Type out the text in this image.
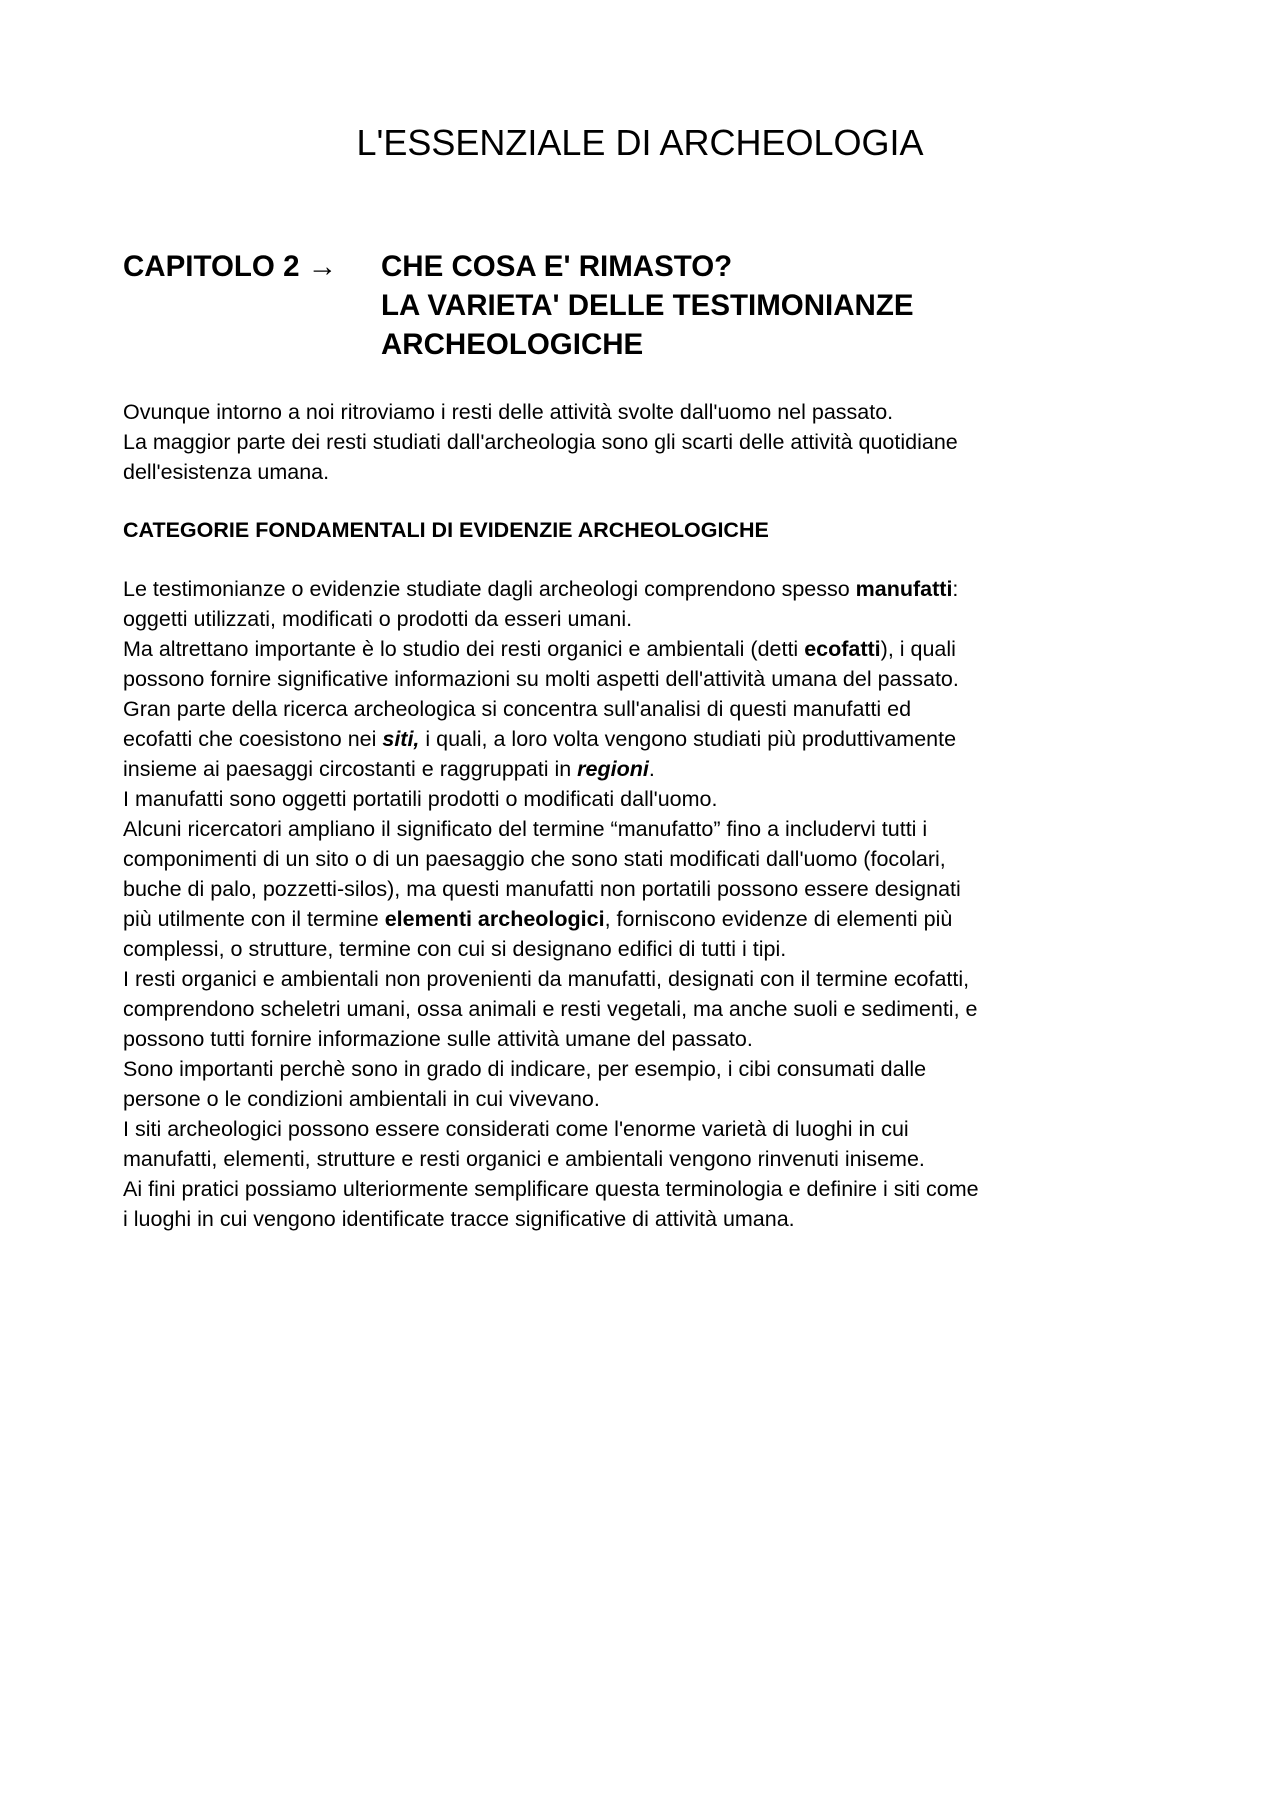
L'ESSENZIALE DI ARCHEOLOGIA
CAPITOLO 2 →	CHE COSA E' RIMASTO?
LA VARIETA' DELLE TESTIMONIANZE
ARCHEOLOGICHE
Ovunque intorno a noi ritroviamo i resti delle attività svolte dall'uomo nel passato.
La maggior parte dei resti studiati dall'archeologia sono gli scarti delle attività quotidiane
dell'esistenza umana.
CATEGORIE FONDAMENTALI DI EVIDENZIE ARCHEOLOGICHE
Le testimonianze o evidenzie studiate dagli archeologi comprendono spesso manufatti:
oggetti utilizzati, modificati o prodotti da esseri umani.
Ma altrettano importante è lo studio dei resti organici e ambientali (detti ecofatti), i quali
possono fornire significative informazioni su molti aspetti dell'attività umana del passato.
Gran parte della ricerca archeologica si concentra sull'analisi di questi manufatti ed
ecofatti che coesistono nei siti, i quali, a loro volta vengono studiati più produttivamente
insieme ai paesaggi circostanti e raggruppati in regioni.
I manufatti sono oggetti portatili prodotti o modificati dall'uomo.
Alcuni ricercatori ampliano il significato del termine “manufatto” fino a includervi tutti i
componimenti di un sito o di un paesaggio che sono stati modificati dall'uomo (focolari,
buche di palo, pozzetti-silos), ma questi manufatti non portatili possono essere designati
più utilmente con il termine elementi archeologici, forniscono evidenze di elementi più
complessi, o strutture, termine con cui si designano edifici di tutti i tipi.
I resti organici e ambientali non provenienti da manufatti, designati con il termine ecofatti,
comprendono scheletri umani, ossa animali e resti vegetali, ma anche suoli e sedimenti, e
possono tutti fornire informazione sulle attività umane del passato.
Sono importanti perchè sono in grado di indicare, per esempio, i cibi consumati dalle
persone o le condizioni ambientali in cui vivevano.
I siti archeologici possono essere considerati come l'enorme varietà di luoghi in cui
manufatti, elementi, strutture e resti organici e ambientali vengono rinvenuti iniseme.
Ai fini pratici possiamo ulteriormente semplificare questa terminologia e definire i siti come
i luoghi in cui vengono identificate tracce significative di attività umana.
